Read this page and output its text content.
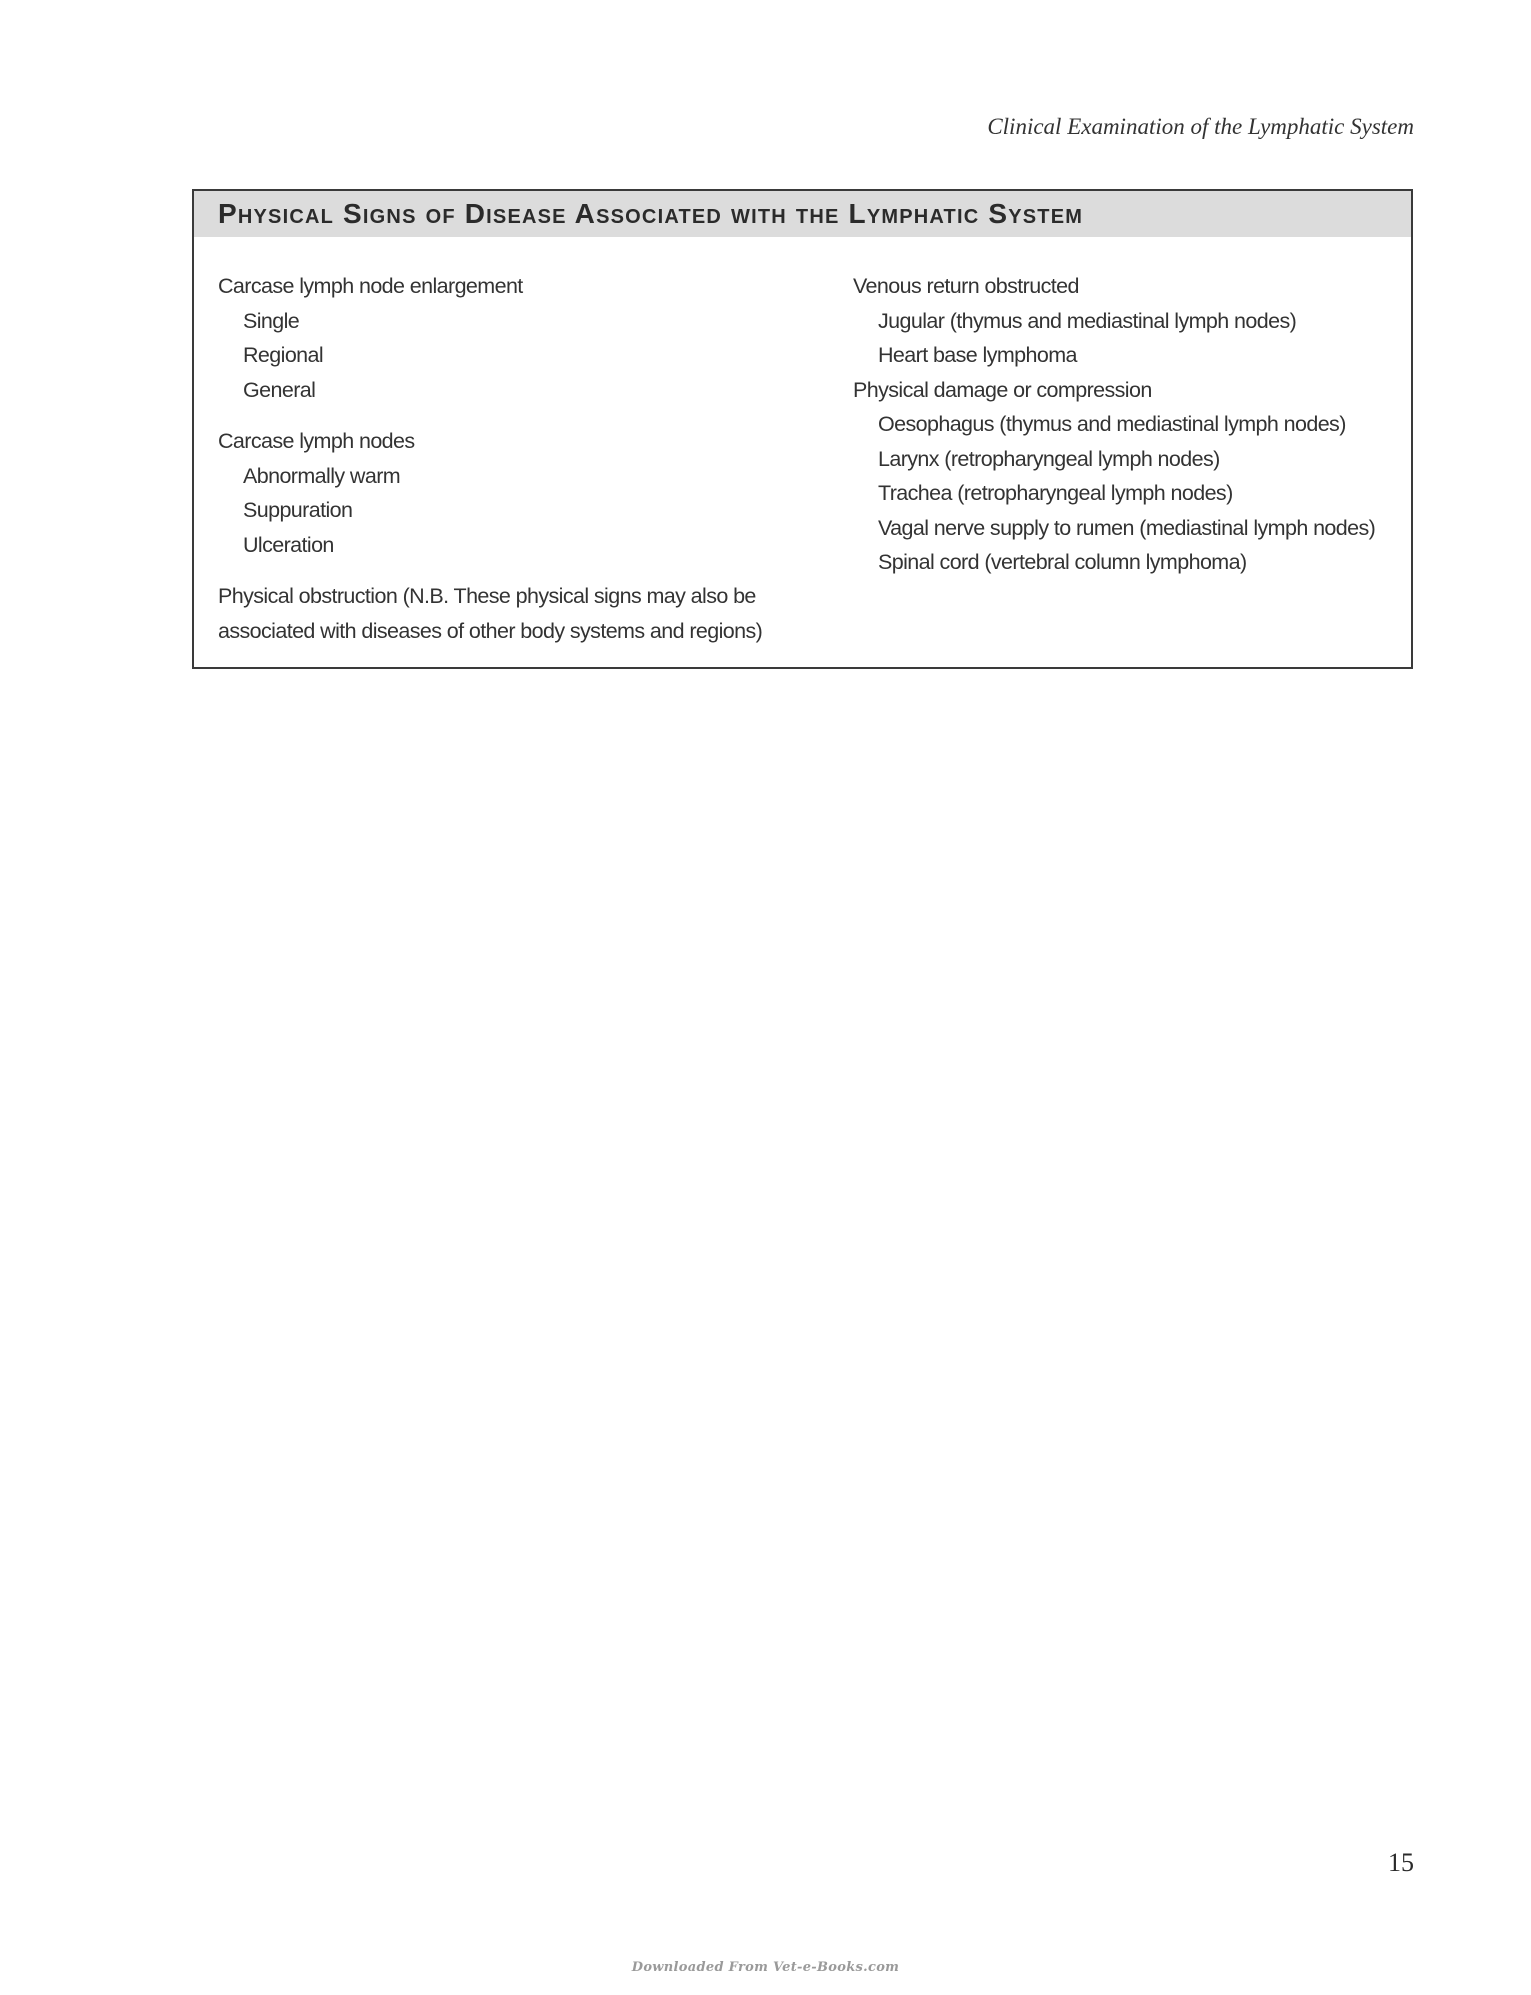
Clinical Examination of the Lymphatic System
Physical Signs of Disease Associated with the Lymphatic System
Carcase lymph node enlargement
Single
Regional
General
Carcase lymph nodes
Abnormally warm
Suppuration
Ulceration
Physical obstruction (N.B. These physical signs may also be associated with diseases of other body systems and regions)
Venous return obstructed
Jugular (thymus and mediastinal lymph nodes)
Heart base lymphoma
Physical damage or compression
Oesophagus (thymus and mediastinal lymph nodes)
Larynx (retropharyngeal lymph nodes)
Trachea (retropharyngeal lymph nodes)
Vagal nerve supply to rumen (mediastinal lymph nodes)
Spinal cord (vertebral column lymphoma)
15
Downloaded From Vet-e-Books.com
